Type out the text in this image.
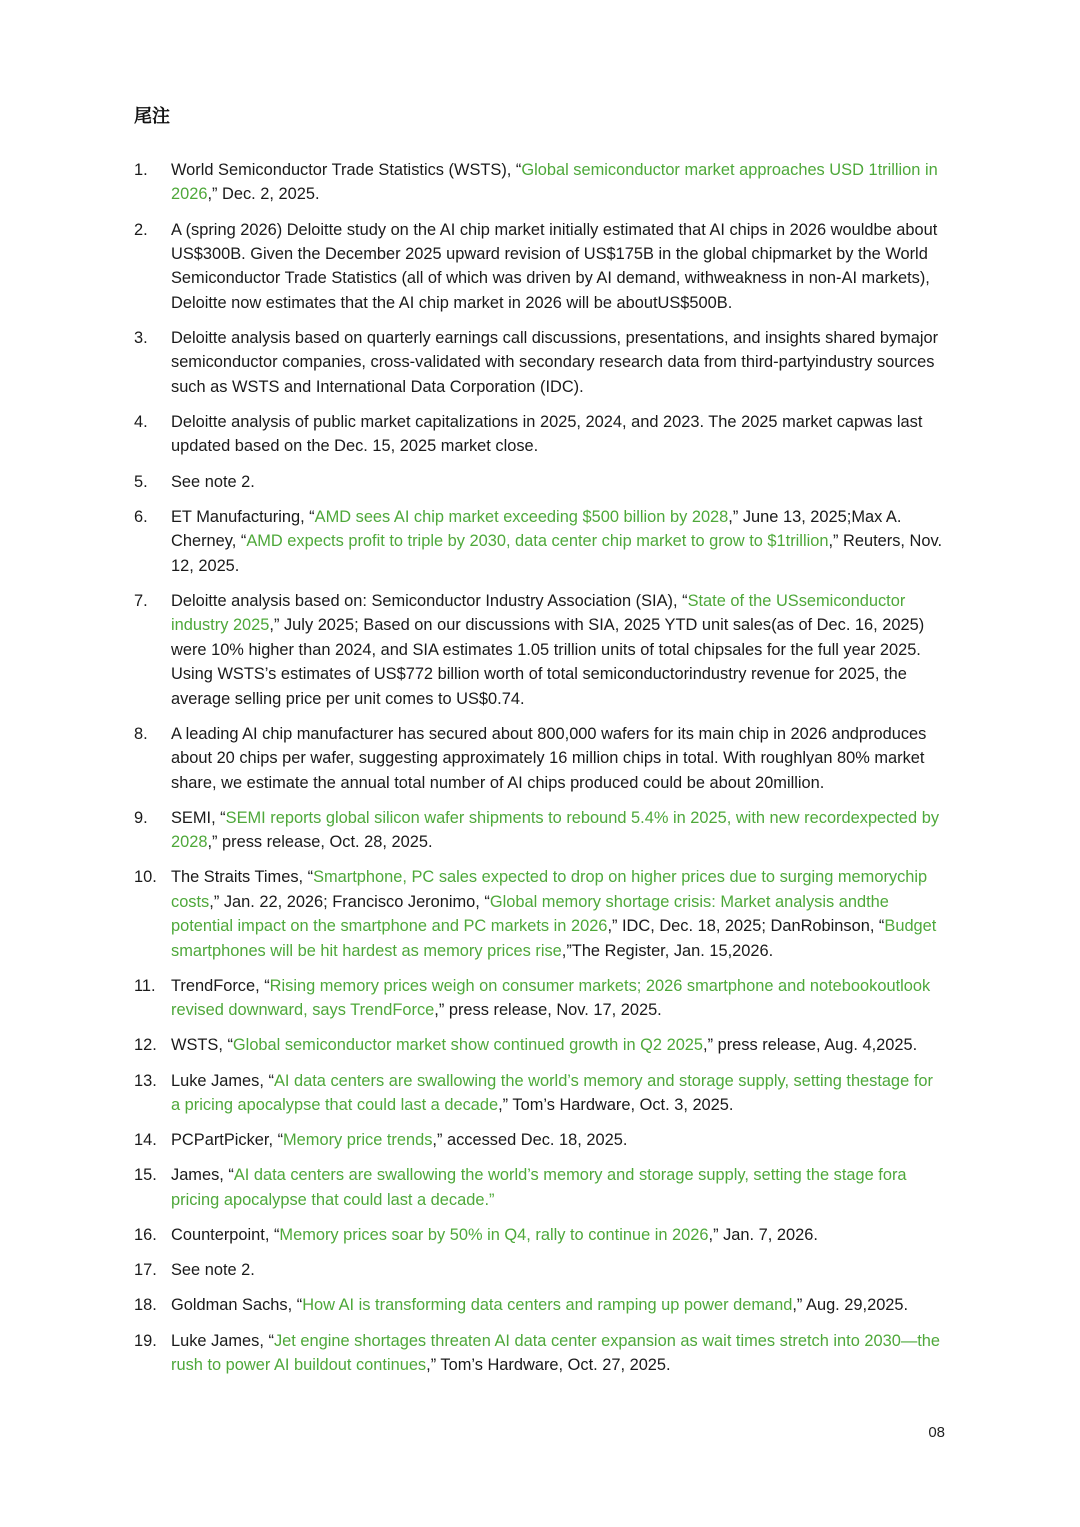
尾注
1.	World Semiconductor Trade Statistics (WSTS), “Global semiconductor market approaches USD 1trillion in 2026,” Dec. 2, 2025.
2.	A (spring 2026) Deloitte study on the AI chip market initially estimated that AI chips in 2026 wouldbe about US$300B. Given the December 2025 upward revision of US$175B in the global chipmarket by the World Semiconductor Trade Statistics (all of which was driven by AI demand, withweakness in non-AI markets), Deloitte now estimates that the AI chip market in 2026 will be aboutUS$500B.
3.	Deloitte analysis based on quarterly earnings call discussions, presentations, and insights shared bymajor semiconductor companies, cross-validated with secondary research data from third-partyindustry sources such as WSTS and International Data Corporation (IDC).
4.	Deloitte analysis of public market capitalizations in 2025, 2024, and 2023. The 2025 market capwas last updated based on the Dec. 15, 2025 market close.
5.	See note 2.
6.	ET Manufacturing, “AMD sees AI chip market exceeding $500 billion by 2028,” June 13, 2025;Max A. Cherney, “AMD expects profit to triple by 2030, data center chip market to grow to $1trillion,” Reuters, Nov. 12, 2025.
7.	Deloitte analysis based on: Semiconductor Industry Association (SIA), “State of the USsemiconductor industry 2025,” July 2025; Based on our discussions with SIA, 2025 YTD unit sales(as of Dec. 16, 2025) were 10% higher than 2024, and SIA estimates 1.05 trillion units of total chipsales for the full year 2025. Using WSTS’s estimates of US$772 billion worth of total semiconductorindustry revenue for 2025, the average selling price per unit comes to US$0.74.
8.	A leading AI chip manufacturer has secured about 800,000 wafers for its main chip in 2026 andproduces about 20 chips per wafer, suggesting approximately 16 million chips in total. With roughlyan 80% market share, we estimate the annual total number of AI chips produced could be about 20million.
9.	SEMI, “SEMI reports global silicon wafer shipments to rebound 5.4% in 2025, with new recordexpected by 2028,” press release, Oct. 28, 2025.
10. The Straits Times, “Smartphone, PC sales expected to drop on higher prices due to surging memorychip costs,” Jan. 22, 2026; Francisco Jeronimo, “Global memory shortage crisis: Market analysis andthe potential impact on the smartphone and PC markets in 2026,” IDC, Dec. 18, 2025; DanRobinson, “Budget smartphones will be hit hardest as memory prices rise,”The Register, Jan. 15,2026.
11. TrendForce, “Rising memory prices weigh on consumer markets; 2026 smartphone and notebookoutlook revised downward, says TrendForce,” press release, Nov. 17, 2025.
12. WSTS, “Global semiconductor market show continued growth in Q2 2025,” press release, Aug. 4,2025.
13. Luke James, “AI data centers are swallowing the world’s memory and storage supply, setting thestage for a pricing apocalypse that could last a decade,” Tom’s Hardware, Oct. 3, 2025.
14. PCPartPicker, “Memory price trends,” accessed Dec. 18, 2025.
15. James, “AI data centers are swallowing the world’s memory and storage supply, setting the stage fora pricing apocalypse that could last a decade.”
16. Counterpoint, “Memory prices soar by 50% in Q4, rally to continue in 2026,” Jan. 7, 2026.
17. See note 2.
18. Goldman Sachs, “How AI is transforming data centers and ramping up power demand,” Aug. 29,2025.
19. Luke James, “Jet engine shortages threaten AI data center expansion as wait times stretch into 2030—the rush to power AI buildout continues,” Tom’s Hardware, Oct. 27, 2025.
08
